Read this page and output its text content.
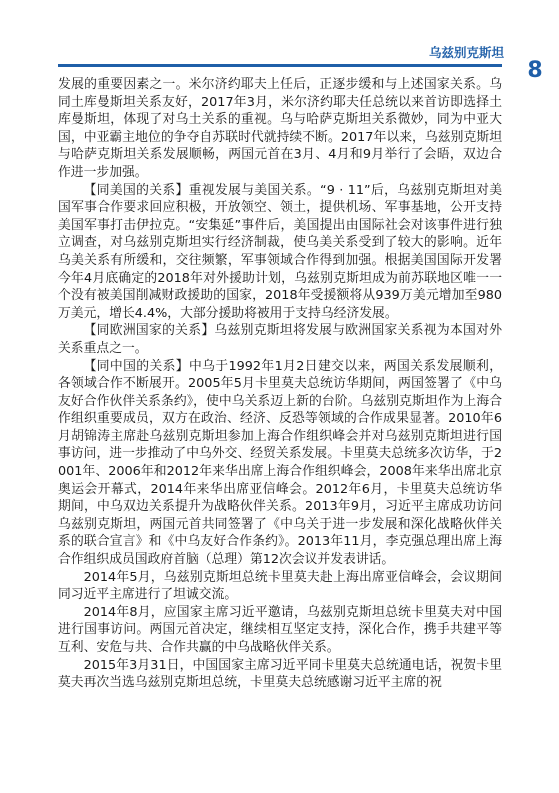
乌兹别克斯坦
8

发展的重要因素之一。米尔济约耶夫上任后，正逐步缓和与上述国家关系。乌同土库曼斯坦关系友好，2017年3月，米尔济约耶夫任总统以来首访即选择土库曼斯坦，体现了对乌土关系的重视。乌与哈萨克斯坦关系微妙，同为中亚大国，中亚霸主地位的争夺自苏联时代就持续不断。2017年以来，乌兹别克斯坦与哈萨克斯坦关系发展顺畅，两国元首在3月、4月和9月举行了会晤，双边合作进一步加强。

【同美国的关系】重视发展与美国关系。“9 · 11”后，乌兹别克斯坦对美国军事合作要求回应积极，开放领空、领土，提供机场、军事基地，公开支持美国军事打击伊拉克。“安集延”事件后，美国提出由国际社会对该事件进行独立调查，对乌兹别克斯坦实行经济制裁，使乌美关系受到了较大的影响。近年乌美关系有所缓和，交往频繁，军事领域合作得到加强。根据美国国际开发署今年4月底确定的2018年对外援助计划，乌兹别克斯坦成为前苏联地区唯一一个没有被美国削减财政援助的国家，2018年受援额将从939万美元增加至980万美元，增长4.4%，大部分援助将被用于支持乌经济发展。

【同欧洲国家的关系】乌兹别克斯坦将发展与欧洲国家关系视为本国对外关系重点之一。

【同中国的关系】中乌于1992年1月2日建交以来，两国关系发展顺利，各领域合作不断展开。2005年5月卡里莫夫总统访华期间，两国签署了《中乌友好合作伙伴关系条约》，使中乌关系迈上新的台阶。乌兹别克斯坦作为上海合作组织重要成员，双方在政治、经济、反恐等领域的合作成果显著。2010年6月胡锦涛主席赴乌兹别克斯坦参加上海合作组织峰会并对乌兹别克斯坦进行国事访问，进一步推动了中乌外交、经贸关系发展。卡里莫夫总统多次访华，于2001年、2006年和2012年来华出席上海合作组织峰会，2008年来华出席北京奥运会开幕式，2014年来华出席亚信峰会。2012年6月，卡里莫夫总统访华期间，中乌双边关系提升为战略伙伴关系。2013年9月，习近平主席成功访问乌兹别克斯坦，两国元首共同签署了《中乌关于进一步发展和深化战略伙伴关系的联合宣言》和《中乌友好合作条约》。2013年11月，李克强总理出席上海合作组织成员国政府首脑（总理）第12次会议并发表讲话。

2014年5月，乌兹别克斯坦总统卡里莫夫赴上海出席亚信峰会，会议期间同习近平主席进行了坦诚交流。

2014年8月，应国家主席习近平邀请，乌兹别克斯坦总统卡里莫夫对中国进行国事访问。两国元首决定，继续相互坚定支持，深化合作，携手共建平等互利、安危与共、合作共赢的中乌战略伙伴关系。

2015年3月31日，中国国家主席习近平同卡里莫夫总统通电话，祝贺卡里莫夫再次当选乌兹别克斯坦总统，卡里莫夫总统感谢习近平主席的祝
